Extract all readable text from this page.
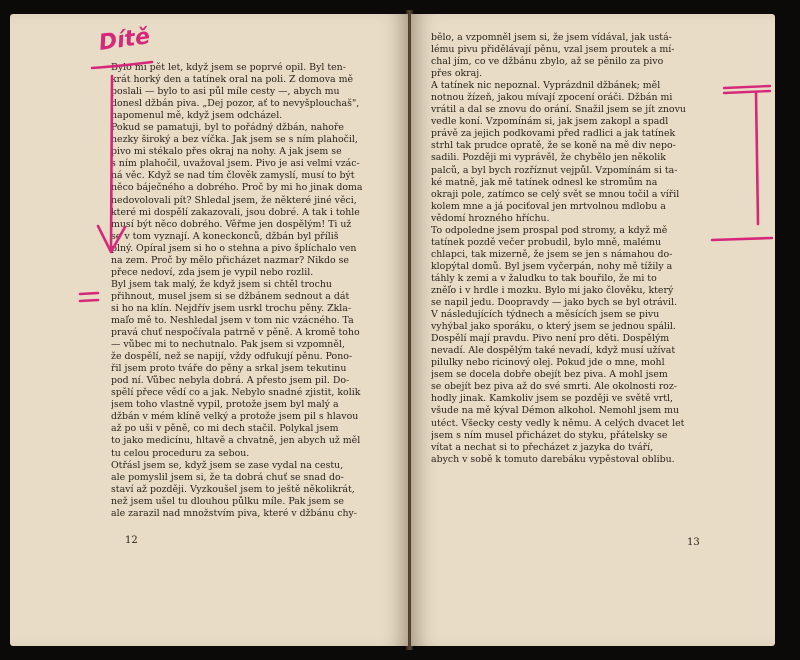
Bylo mi pět let, když jsem se poprvé opil. Byl ten-
krát horký den a tatínek oral na poli. Z domova mě
poslali — bylo to asi půl míle cesty —, abych mu
donesl džbán piva. „Dej pozor, ať to nevyšplouchaš",
napomenul mě, když jsem odcházel.
Pokud se pamatuji, byl to pořádný džbán, nahoře
hezky široký a bez víčka. Jak jsem se s ním plahočil,
pivo mi stékalo přes okraj na nohy. A jak jsem se
s ním plahočil, uvažoval jsem. Pivo je asi velmi vzác-
ná věc. Když se nad tím člověk zamyslí, musí to být
něco báječného a dobrého. Proč by mi ho jinak doma
nedovolovali pít? Shledal jsem, že některé jiné věci,
které mi dospělí zakazovali, jsou dobré. A tak i tohle
musí být něco dobrého. Věřme jen dospělým! Ti už
se v tom vyznají. A koneckonců, džbán byl příliš
plný. Opíral jsem si ho o stehna a pivo šplíchalo ven
na zem. Proč by mělo přicházet nazmar? Nikdo se
přece nedoví, zda jsem je vypil nebo rozlil.
Byl jsem tak malý, že když jsem si chtěl trochu
přihnout, musel jsem si se džbánem sednout a dát
si ho na klín. Nejdřív jsem usrkl trochu pěny. Zkla-
mal̕o mě to. Neshledal jsem v tom nic vzácného. Ta
pravá chuť nespočívala patrně v pěně. A kromě toho
— vůbec mi to nechutnalo. Pak jsem si vzpomněl,
že dospělí, než se napijí, vždy odfukují pěnu. Pono-
řil jsem proto tváře do pěny a srkal jsem tekutinu
pod ní. Vůbec nebyla dobrá. A přesto jsem pil. Do-
spělí přece vědí co a jak. Nebylo snadné zjistit, kolik
jsem toho vlastně vypil, protože jsem byl malý a
džbán v mém klíně velký a protože jsem pil s hlavou
až po uši v pěně, co mi dech stačil. Polykal jsem
to jako medicínu, hltavě a chvatně, jen abych už měl
tu celou proceduru za sebou.
Otřásl jsem se, když jsem se zase vydal na cestu,
ale pomyslil jsem si, že ta dobrá chuť se snad do-
staví až později. Vyzkoušel jsem to ještě několikrát,
než jsem ušel tu dlouhou půlku míle. Pak jsem se
ale zarazil nad množstvím piva, které v džbánu chy-
12
bělo, a vzpomněl jsem si, že jsem vídával, jak ustá-
lému pivu přidělávají pěnu, vzal jsem proutek a mí-
chal jím, co ve džbánu zbylo, až se pěnilo za pivo
přes okraj.
A tatínek nic nepoznal. Vyprázdnil džbánek; měl
notnou žízeň, jakou mívají zpocení oráči. Džbán mi
vrátil a dal se znovu do orání. Snažil jsem se jít znovu
vedle koní. Vzpomínám si, jak jsem zakopl a spadl
právě za jejich podkovami před radlici a jak tatínek
strhl tak prudce opratě, že se koně na mě div nepo-
sadili. Později mi vyprávěl, že chybělo jen několik
palců, a byl bych rozříznut vejpůl. Vzpomínám si ta-
ké matně, jak mě tatínek odnesl ke stromům na
okraji pole, zatímco se celý svět se mnou točil a vířil
kolem mne a já pociťoval jen mrtvolnou mdlobu a
vědomí hrozného hříchu.
To odpoledne jsem prospal pod stromy, a když mě
tatínek pozdě večer probudil, bylo mně, malému
chlapci, tak mizerně, že jsem se jen s námahou do-
klopýtal domů. Byl jsem vyčerpán, nohy mě tížily a
táhly k zemi a v žaludku to tak bouřilo, že mi to
zněl̕o i v hrdle i mozku. Bylo mi jako člověku, který
se napil jedu. Doopravdy — jako bych se byl otrávil.
V následujících týdnech a měsících jsem se pivu
vyhýbal jako sporáku, o který jsem se jednou spálil.
Dospělí mají pravdu. Pivo není pro děti. Dospělým
nevadí. Ale dospělým také nevadí, když musí užívat
pilulky nebo ricinový olej. Pokud jde o mne, mohl
jsem se docela dobře obejít bez piva. A mohl jsem
se obejít bez piva až do své smrti. Ale okolnosti roz-
hodly jinak. Kamkoliv jsem se později ve světě vrtl,
všude na mě kýval Démon alkohol. Nemohl jsem mu
utéct. Všecky cesty vedly k němu. A celých dvacet let
jsem s ním musel přicházet do styku, přátelsky se
vítat a nechat si to přecházet z jazyka do tváří,
abych v sobě k tomuto darebáku vypěstoval oblibu.
13
Dítě
